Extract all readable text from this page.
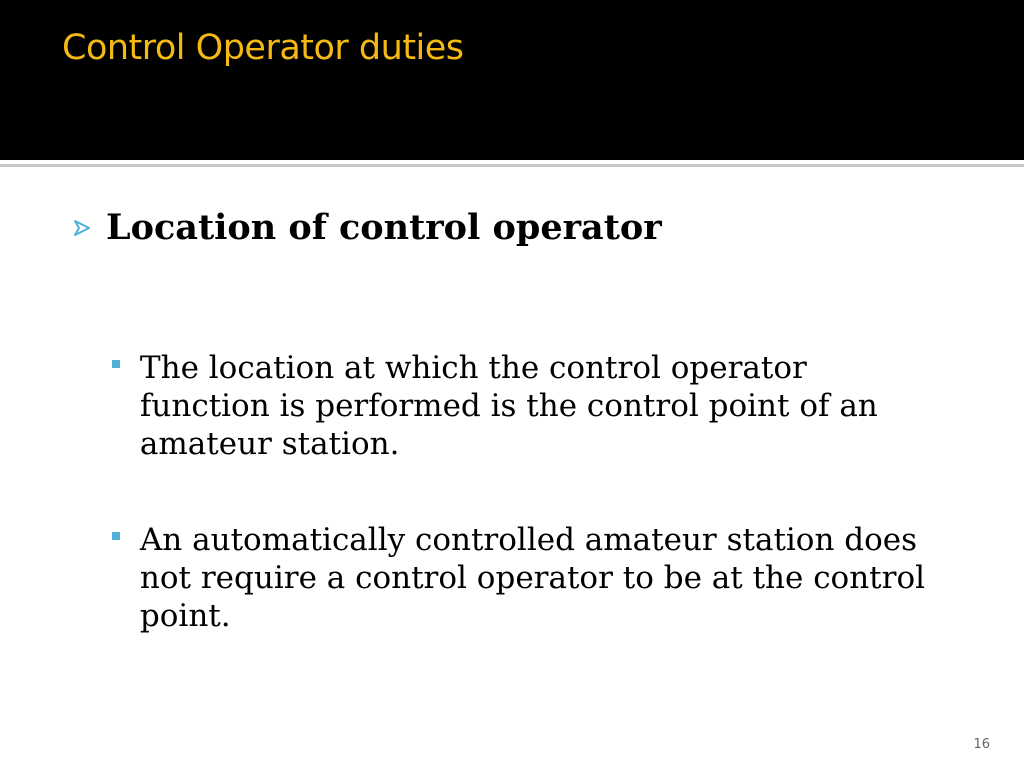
Control Operator duties
Location of control operator
The location at which the control operator function is performed is the control point of an amateur station.
An automatically controlled amateur station does not require a control operator to be at the control point.
16
